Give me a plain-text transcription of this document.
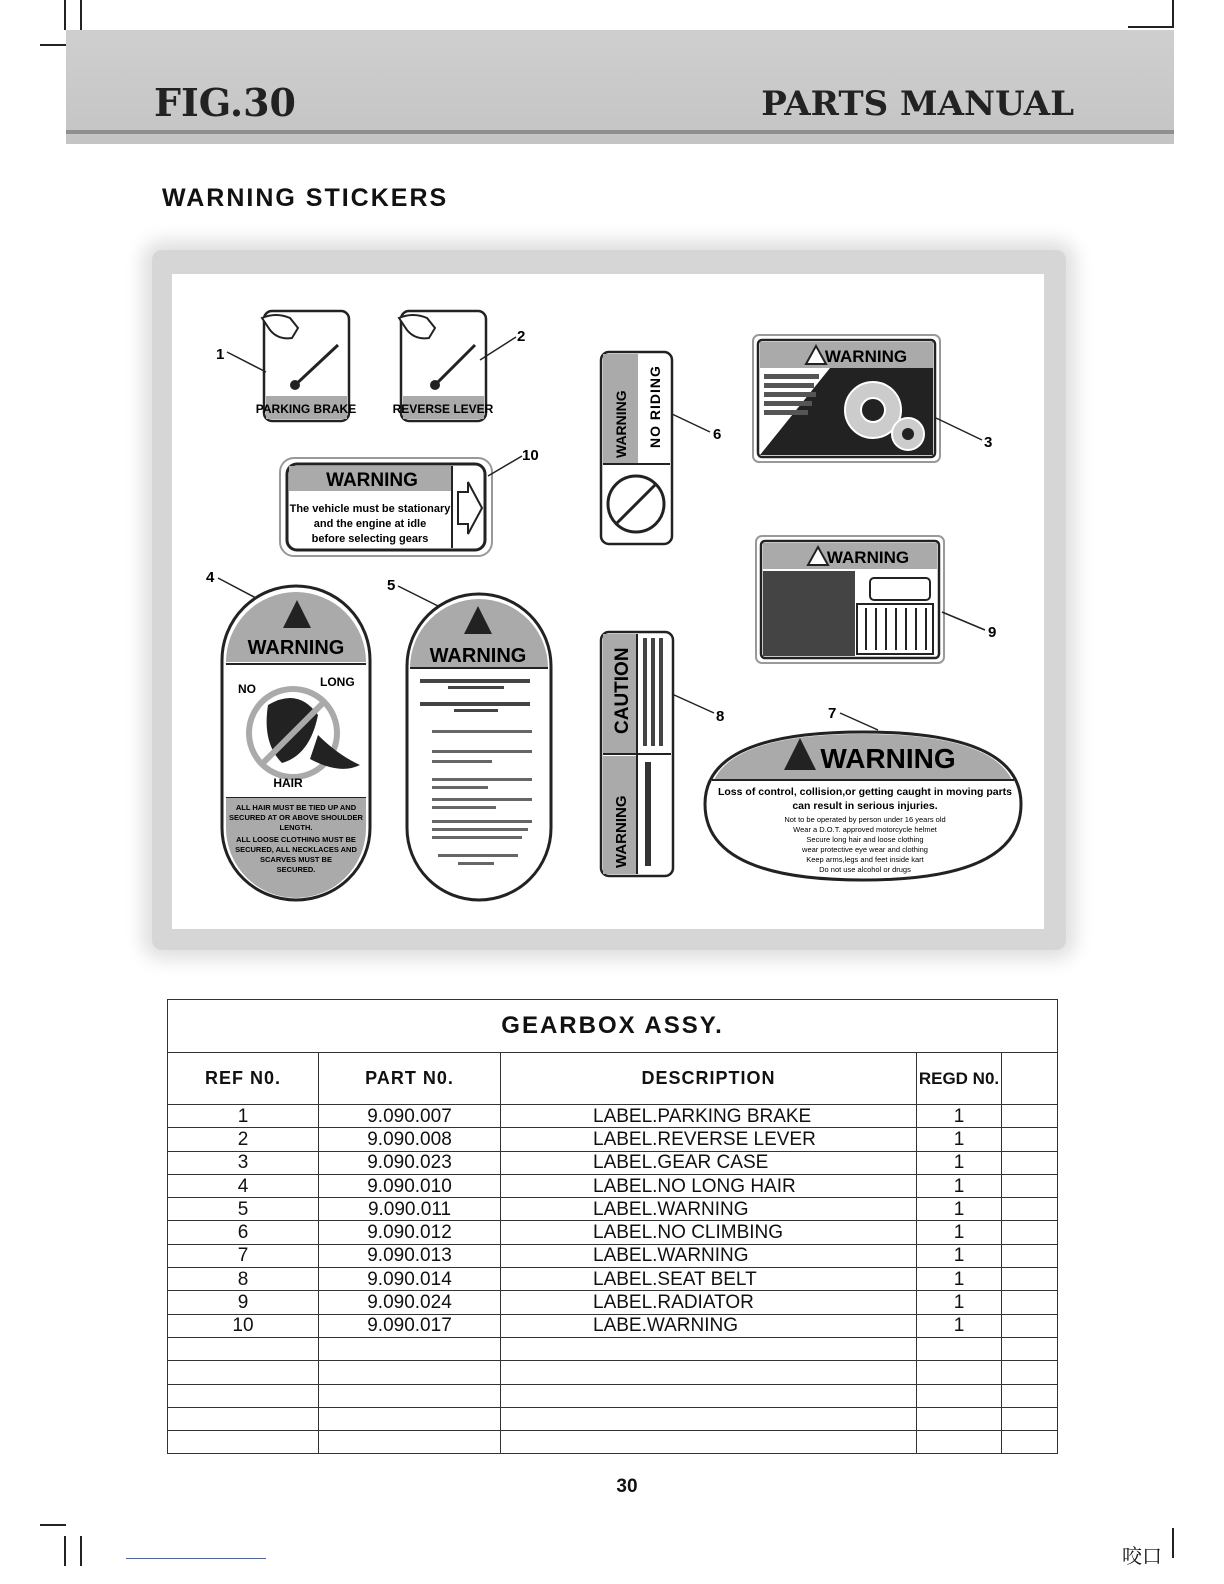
FIG.30	PARTS MANUAL
WARNING STICKERS
PARKING BRAKE	REVERSE LEVER
WARNING
The vehicle must be stationary
and the engine at idle
before selecting gears
WARNING NO RIDING
WARNING
WARNING
WARNING
NO	LONG
HAIR
ALL HAIR MUST BE TIED UP AND
SECURED AT OR ABOVE SHOULDER
LENGTH.
ALL LOOSE CLOTHING MUST BE
SECURED, ALL NECKLACES AND
SCARVES MUST BE
SECURED.
WARNING	CAUTION
WARNING
WARNING
Loss of control, collision,or getting caught in moving parts
can result in serious injuries.
Not to be operated by person under 16 years old
Wear a D.O.T. approved motorcycle helmet
Secure long hair and loose clothing
wear protective eye wear and clothing
Keep arms,legs and feet inside kart
Do not use alcohol or drugs
1
2
3
4	5
6
7
8
9
10
GEARBOX ASSY.				
REF N0.	PART N0.	DESCRIPTION	REGD N0.	
1	9.090.007	LABEL.PARKING BRAKE	1	
2	9.090.008	LABEL.REVERSE LEVER	1	
3	9.090.023	LABEL.GEAR CASE	1	
4	9.090.010	LABEL.NO LONG HAIR	1	
5	9.090.011	LABEL.WARNING	1	
6	9.090.012	LABEL.NO CLIMBING	1	
7	9.090.013	LABEL.WARNING	1	
8	9.090.014	LABEL.SEAT BELT	1	
9	9.090.024	LABEL.RADIATOR	1	
10	9.090.017	LABE.WARNING	1	

30
咬口
